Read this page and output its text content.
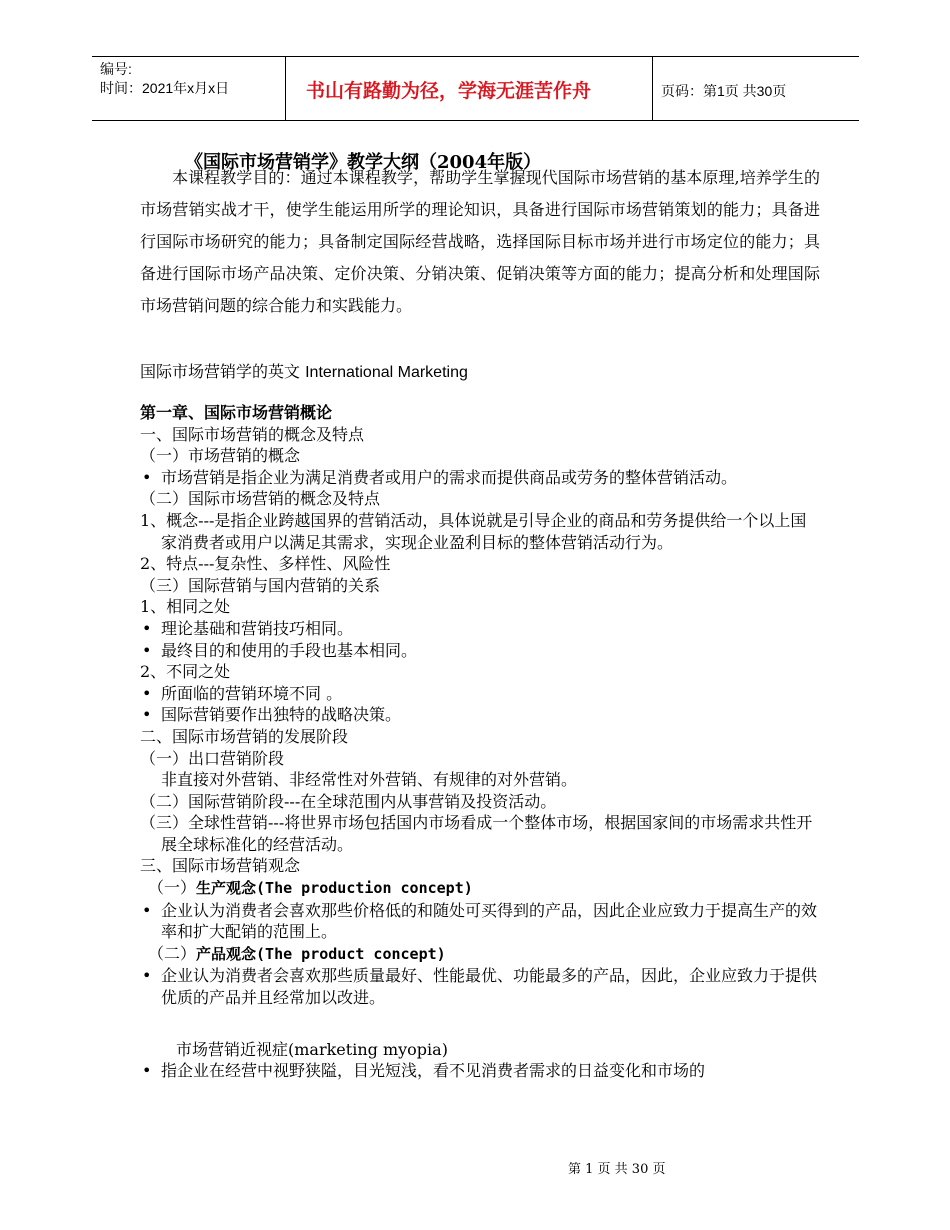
编号:
时间：2021年x月x日	书山有路勤为径，学海无涯苦作舟	页码：第1页 共30页
《国际市场营销学》教学大纲（2004年版）

本课程教学目的：通过本课程教学，帮助学生掌握现代国际市场营销的基本原理,培养学生的市场营销实战才干，使学生能运用所学的理论知识，具备进行国际市场营销策划的能力；具备进行国际市场研究的能力；具备制定国际经营战略，选择国际目标市场并进行市场定位的能力；具备进行国际市场产品决策、定价决策、分销决策、促销决策等方面的能力；提高分析和处理国际市场营销问题的综合能力和实践能力。

国际市场营销学的英文 International Marketing
第一章、国际市场营销概论
一、国际市场营销的概念及特点
（一）市场营销的概念
• 市场营销是指企业为满足消费者或用户的需求而提供商品或劳务的整体营销活动。
（二）国际市场营销的概念及特点
1、概念---是指企业跨越国界的营销活动，具体说就是引导企业的商品和劳务提供给一个以上国家消费者或用户以满足其需求，实现企业盈利目标的整体营销活动行为。
2、特点---复杂性、多样性、风险性
（三）国际营销与国内营销的关系
1、相同之处
• 理论基础和营销技巧相同。
• 最终目的和使用的手段也基本相同。
2、不同之处
• 所面临的营销环境不同 。
• 国际营销要作出独特的战略决策。
二、国际市场营销的发展阶段
（一）出口营销阶段
非直接对外营销、非经常性对外营销、有规律的对外营销。
（二）国际营销阶段---在全球范围内从事营销及投资活动。
（三）全球性营销---将世界市场包括国内市场看成一个整体市场，根据国家间的市场需求共性开展全球标准化的经营活动。
三、国际市场营销观念
（一）生产观念(The production concept)
• 企业认为消费者会喜欢那些价格低的和随处可买得到的产品，因此企业应致力于提高生产的效率和扩大配销的范围上。
（二）产品观念(The product concept)
• 企业认为消费者会喜欢那些质量最好、性能最优、功能最多的产品，因此，企业应致力于提供优质的产品并且经常加以改进。
市场营销近视症(marketing myopia)
• 指企业在经营中视野狭隘，目光短浅，看不见消费者需求的日益变化和市场的
第 1 页 共 30 页
